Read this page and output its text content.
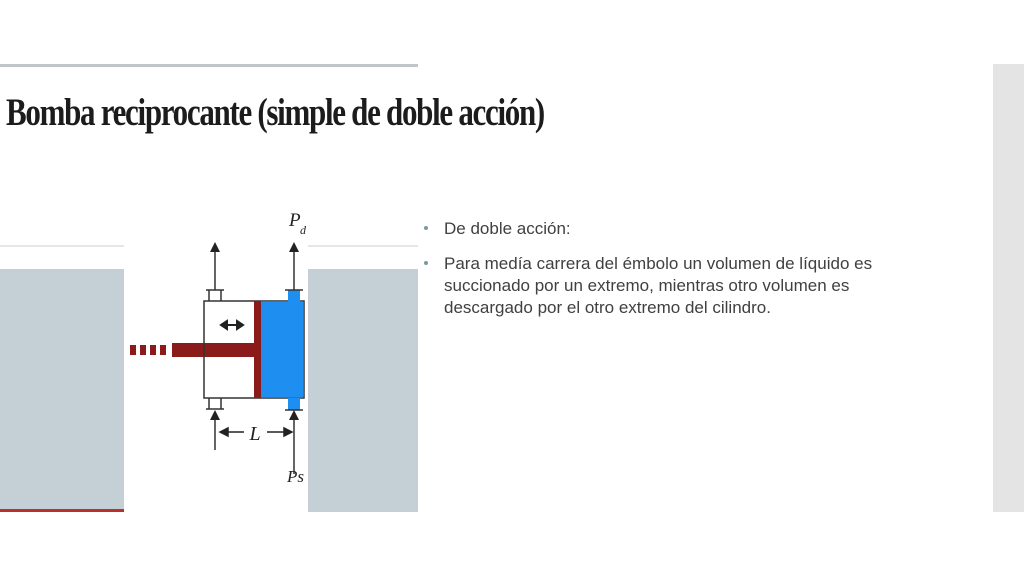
Bomba reciprocante (simple de doble acción)
L
P d
Ps
De doble acción:
Para medía carrera del émbolo un volumen de líquido es succionado por un extremo, mientras otro volumen es descargado por el otro extremo del cilindro.
